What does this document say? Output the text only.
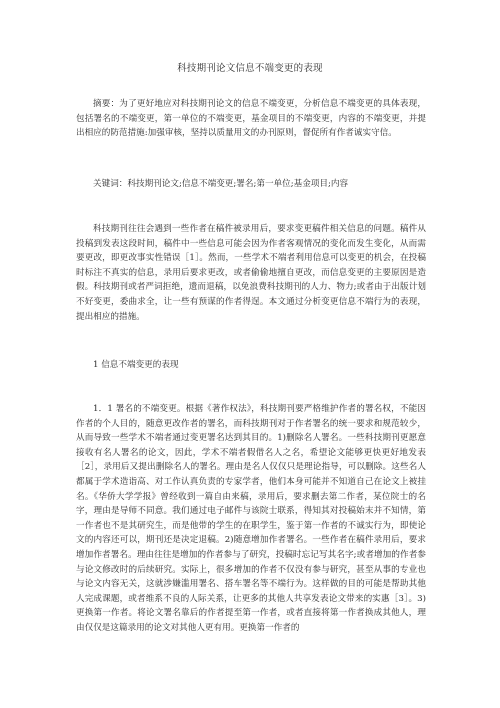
科技期刊论文信息不端变更的表现

摘要：为了更好地应对科技期刊论文的信息不端变更，分析信息不端变更的具体表现，包括署名的不端变更，第一单位的不端变更，基金项目的不端变更，内容的不端变更，并提出相应的防范措施:加强审核，坚持以质量用文的办刊原则，督促所有作者诚实守信。

关键词：科技期刊论文;信息不端变更;署名;第一单位;基金项目;内容

科技期刊往往会遇到一些作者在稿件被录用后，要求变更稿件相关信息的问题。稿件从投稿到发表这段时间，稿件中一些信息可能会因为作者客观情况的变化而发生变化，从而需要更改，即更改事实性错误［1］。然而，一些学术不端者利用信息可以变更的机会，在投稿时标注不真实的信息，录用后要求更改，或者偷偷地擅自更改，而信息变更的主要原因是造假。科技期刊或者严词拒绝，遗而退稿，以免浪费科技期刊的人力、物力;或者由于出版计划不好变更，委曲求全，让一些有预谋的作者得逞。本文通过分析变更信息不端行为的表现，提出相应的措施。

1 信息不端变更的表现

1．1 署名的不端变更。根据《著作权法》，科技期刊要严格维护作者的署名权，不能因作者的个人目的，随意更改作者的署名，而科技期刊对于作者署名的统一要求和规范较少，从而导致一些学术不端者通过变更署名达到其目的。1)删除名人署名。一些科技期刊更愿意接收有名人署名的论文，因此，学术不端者假借名人之名，希望论文能够更快更好地发表［2］，录用后又提出删除名人的署名。理由是名人仅仅只是理论指导，可以删除。这些名人都属于学术造诣高、对工作认真负责的专家学者，他们本身可能并不知道自己在论文上被挂名。《华侨大学学报》曾经收到一篇自由来稿，录用后，要求删去第二作者，某位院士的名字，理由是导师不同意。我们通过电子邮件与该院士联系，得知其对投稿始末并不知情，第一作者也不是其研究生，而是他带的学生的在职学生，鉴于第一作者的不诚实行为，即使论文的内容还可以，期刊还是决定退稿。2)随意增加作者署名。一些作者在稿件录用后，要求增加作者署名。理由往往是增加的作者参与了研究，投稿时忘记写其名字;或者增加的作者参与论文修改时的后续研究。实际上，很多增加的作者不仅没有参与研究，甚至从事的专业也与论文内容无关，这就涉嫌滥用署名、搭车署名等不端行为。这样做的目的可能是帮助其他人完成课题，或者维系不良的人际关系，让更多的其他人共享发表论文带来的实惠［3］。3)更换第一作者。将论文署名靠后的作者提至第一作者，或者直接将第一作者换成其他人，理由仅仅是这篇录用的论文对其他人更有用。更换第一作者的
